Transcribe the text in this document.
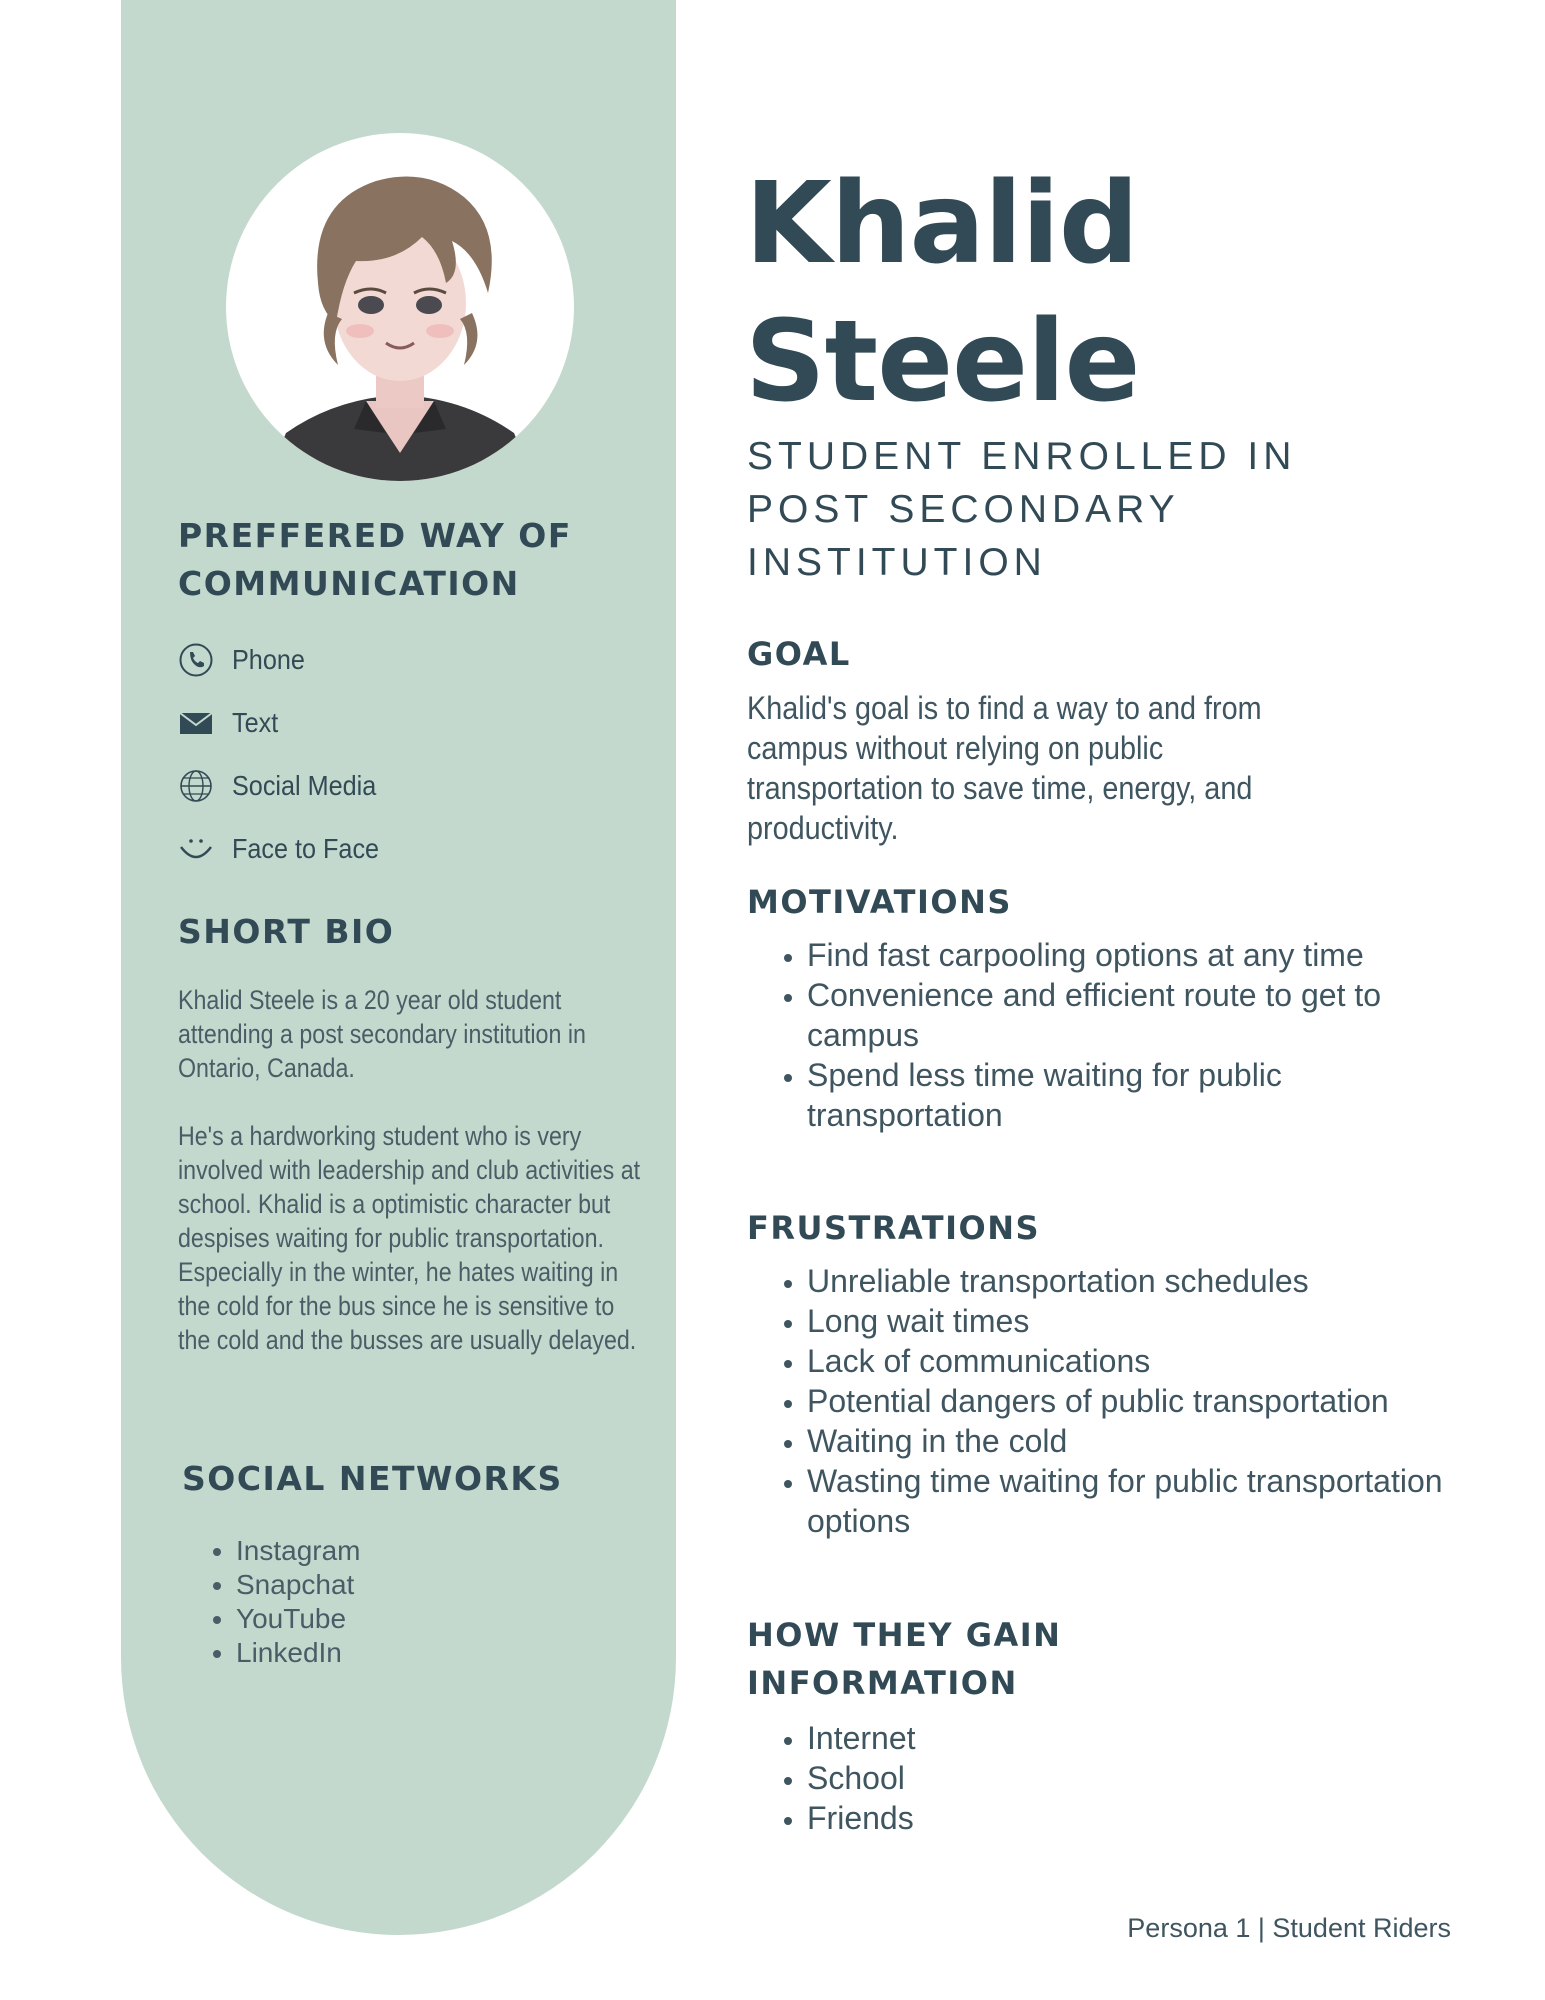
PREFFERED WAY OF
COMMUNICATION
Phone
Text
Social Media
Face to Face
SHORT BIO

Khalid Steele is a 20 year old student attending a post secondary institution in Ontario, Canada.

He's a hardworking student who is very involved with leadership and club activities at school. Khalid is a optimistic character but despises waiting for public transportation. Especially in the winter, he hates waiting in the cold for the bus since he is sensitive to the cold and the busses are usually delayed.

SOCIAL NETWORKS
• Instagram
• Snapchat
• YouTube
• LinkedIn
Khalid
Steele
STUDENT ENROLLED IN
POST SECONDARY
INSTITUTION
GOAL

Khalid's goal is to find a way to and from campus without relying on public transportation to save time, energy, and productivity.

MOTIVATIONS
• Find fast carpooling options at any time
• Convenience and efficient route to get to campus
• Spend less time waiting for public transportation
FRUSTRATIONS
• Unreliable transportation schedules
• Long wait times
• Lack of communications
• Potential dangers of public transportation
• Waiting in the cold
• Wasting time waiting for public transportation options
HOW THEY GAIN
INFORMATION
• Internet
• School
• Friends

Persona 1 | Student Riders
